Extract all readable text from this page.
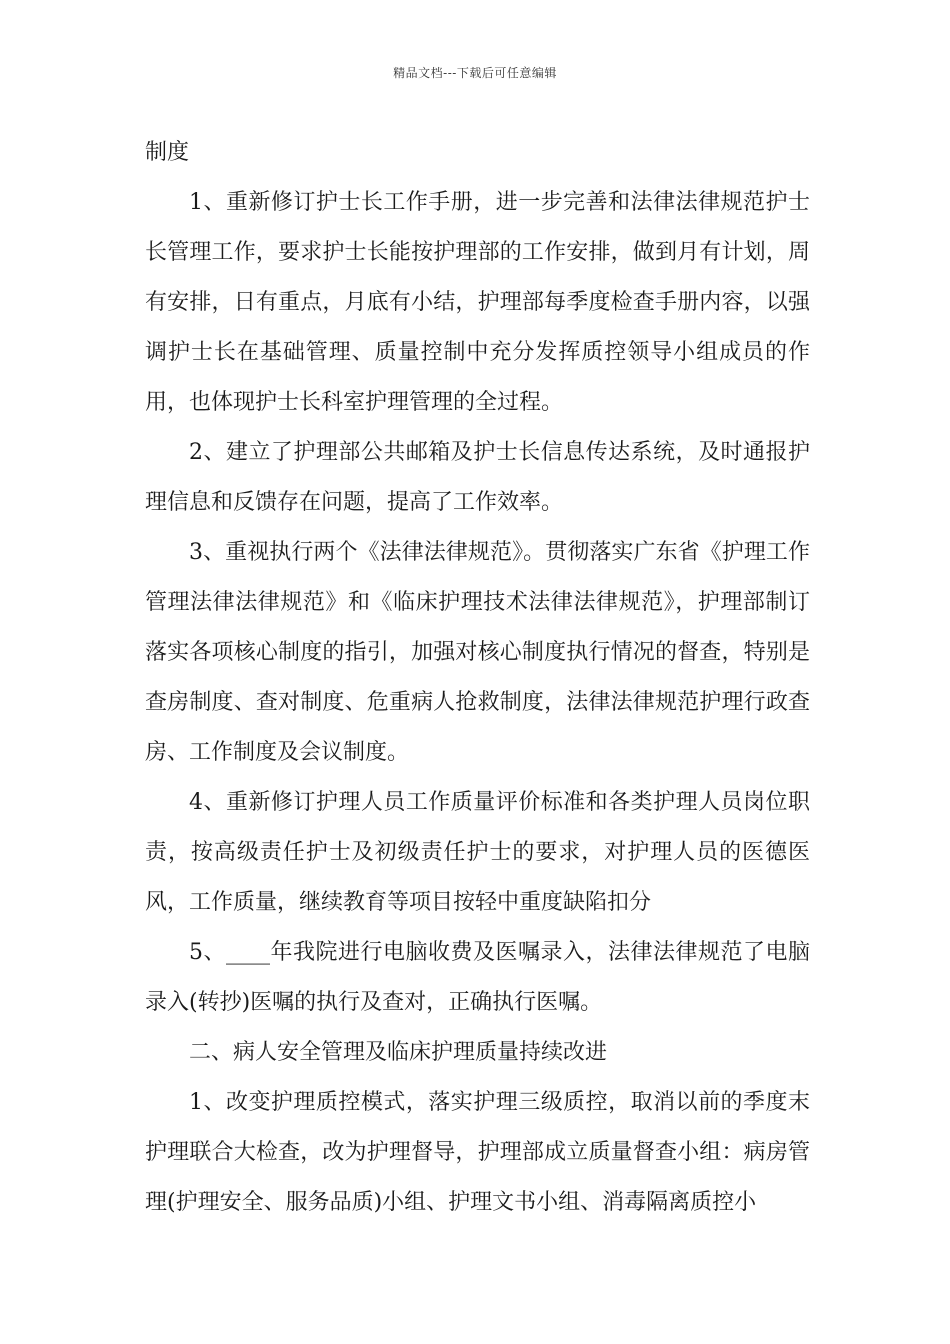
精品文档---下载后可任意编辑

制度

1、重新修订护士长工作手册，进一步完善和法律法律规范护士长管理工作，要求护士长能按护理部的工作安排，做到月有计划，周有安排，日有重点，月底有小结，护理部每季度检查手册内容，以强调护士长在基础管理、质量控制中充分发挥质控领导小组成员的作用，也体现护士长科室护理管理的全过程。

2、建立了护理部公共邮箱及护士长信息传达系统，及时通报护理信息和反馈存在问题，提高了工作效率。

3、重视执行两个《法律法律规范》。贯彻落实广东省《护理工作管理法律法律规范》和《临床护理技术法律法律规范》，护理部制订落实各项核心制度的指引，加强对核心制度执行情况的督查，特别是查房制度、查对制度、危重病人抢救制度，法律法律规范护理行政查房、工作制度及会议制度。

4、重新修订护理人员工作质量评价标准和各类护理人员岗位职责，按高级责任护士及初级责任护士的要求，对护理人员的医德医风，工作质量，继续教育等项目按轻中重度缺陷扣分

5、____年我院进行电脑收费及医嘱录入，法律法律规范了电脑录入(转抄)医嘱的执行及查对，正确执行医嘱。

二、病人安全管理及临床护理质量持续改进

1、改变护理质控模式，落实护理三级质控，取消以前的季度末护理联合大检查，改为护理督导，护理部成立质量督查小组：病房管理(护理安全、服务品质)小组、护理文书小组、消毒隔离质控小
